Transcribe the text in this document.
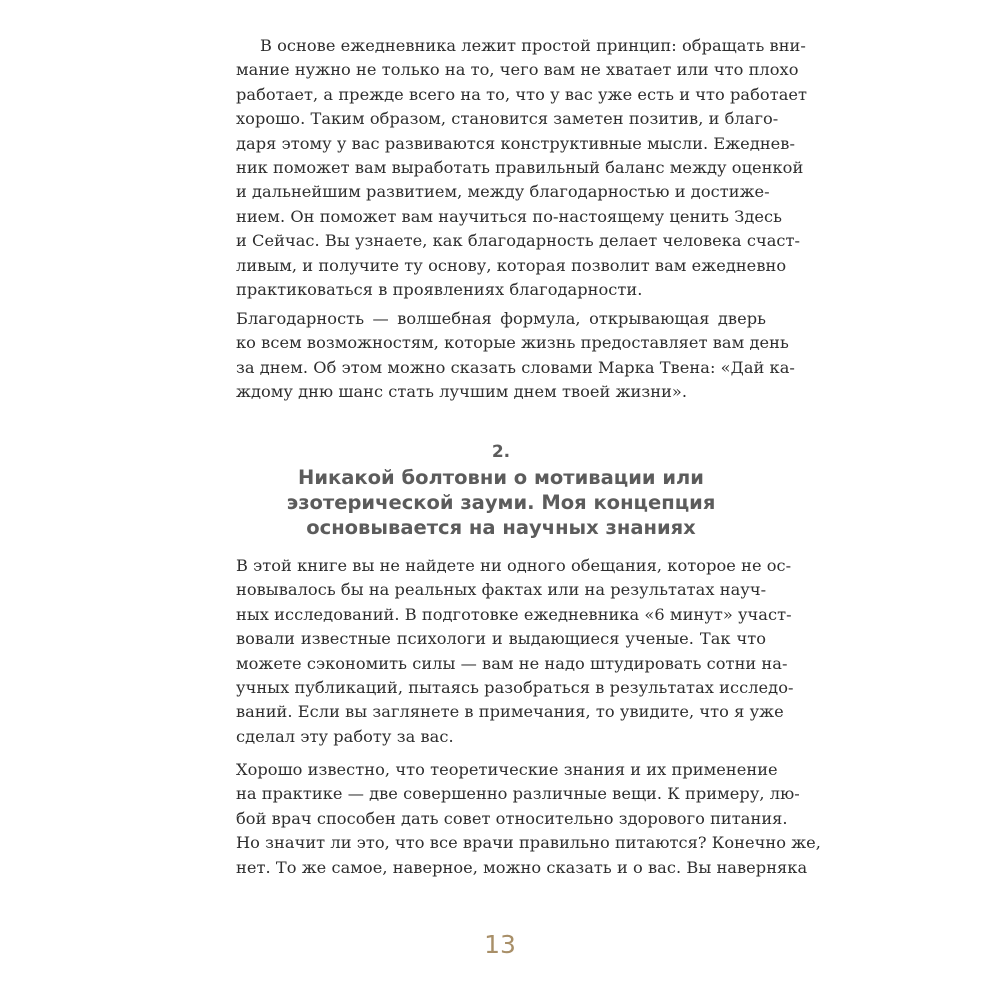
В основе ежедневника лежит простой принцип: обращать вни-
мание нужно не только на то, чего вам не хватает или что плохо
работает, а прежде всего на то, что у вас уже есть и что работает
хорошо. Таким образом, становится заметен позитив, и благо-
даря этому у вас развиваются конструктивные мысли. Ежеднев-
ник поможет вам выработать правильный баланс между оценкой
и дальнейшим развитием, между благодарностью и достиже-
нием. Он поможет вам научиться по-настоящему ценить Здесь
и Сейчас. Вы узнаете, как благодарность делает человека счаст-
ливым, и получите ту основу, которая позволит вам ежедневно
практиковаться в проявлениях благодарности.
Благодарность — волшебная формула, открывающая дверь
ко всем возможностям, которые жизнь предоставляет вам день
за днем. Об этом можно сказать словами Марка Твена: «Дай ка-
ждому дню шанс стать лучшим днем твоей жизни».
2.
Никакой болтовни о мотивации или
эзотерической зауми. Моя концепция
основывается на научных знаниях
В этой книге вы не найдете ни одного обещания, которое не ос-
новывалось бы на реальных фактах или на результатах науч-
ных исследований. В подготовке ежедневника «6 минут» участ-
вовали известные психологи и выдающиеся ученые. Так что
можете сэкономить силы — вам не надо штудировать сотни на-
учных публикаций, пытаясь разобраться в результатах исследо-
ваний. Если вы заглянете в примечания, то увидите, что я уже
сделал эту работу за вас.
Хорошо известно, что теоретические знания и их применение
на практике — две совершенно различные вещи. К примеру, лю-
бой врач способен дать совет относительно здорового питания.
Но значит ли это, что все врачи правильно питаются? Конечно же,
нет. То же самое, наверное, можно сказать и о вас. Вы наверняка
13
